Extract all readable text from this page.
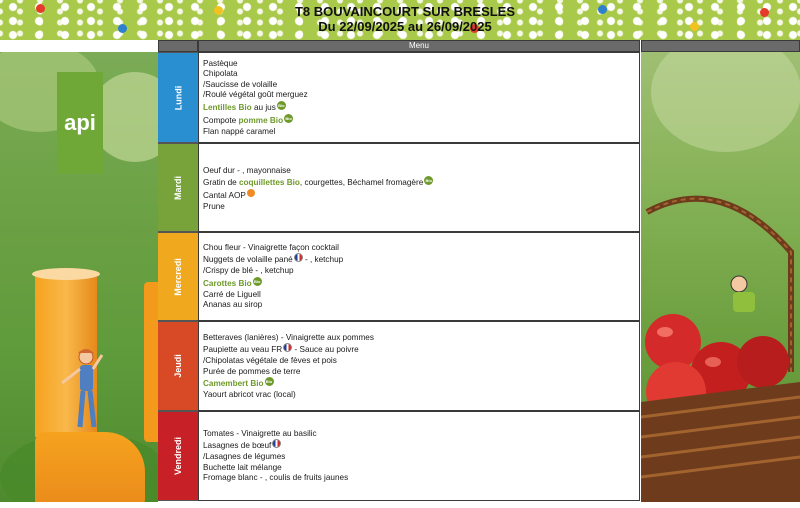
T8 BOUVAINCOURT SUR BRESLES
Du 22/09/2025 au 26/09/2025
Menu
api
Lundi
Mardi
Mercredi
Jeudi
Vendredi
Pastèque
Chipolata
/Saucisse de volaille
/Roulé végétal goût merguez
Lentilles Bio au jus Bio
Compote pomme Bio Bio
Flan nappé caramel
Oeuf dur - , mayonnaise
Gratin de coquillettes Bio, courgettes, Béchamel fromagère Bio
Cantal AOP
Prune
Chou fleur - Vinaigrette façon cocktail
Nuggets de volaille pané - , ketchup
/Crispy de blé - , ketchup
Carottes Bio Bio
Carré de Liguell
Ananas au sirop
Betteraves (lanières) - Vinaigrette aux pommes
Paupiette au veau FR - Sauce au poivre
/Chipolatas végétale de fèves et pois
Purée de pommes de terre
Camembert Bio Bio
Yaourt abricot vrac (local)
Tomates - Vinaigrette au basilic
Lasagnes de bœuf
/Lasagnes de légumes
Buchette lait mélange
Fromage blanc - , coulis de fruits jaunes
